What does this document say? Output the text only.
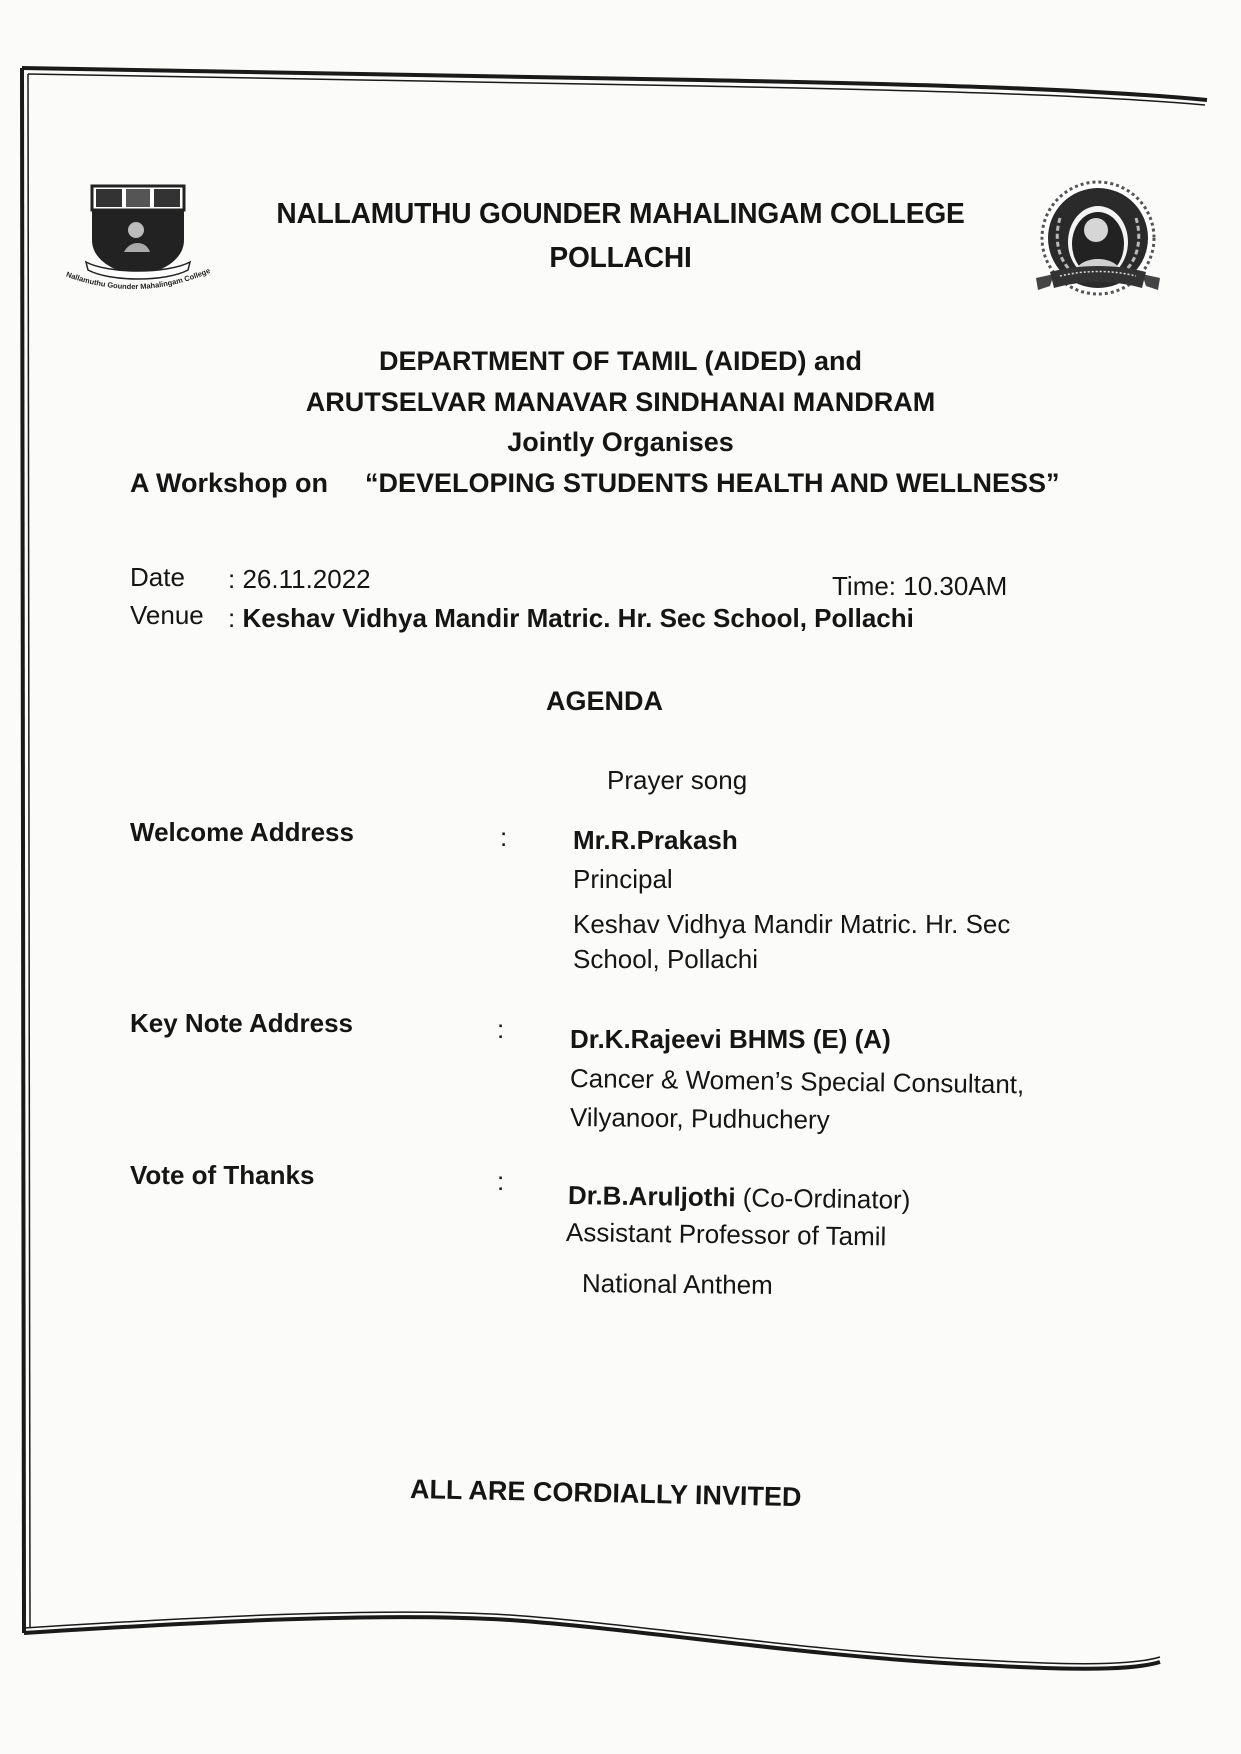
Nallamuthu Gounder Mahalingam College
NALLAMUTHU GOUNDER MAHALINGAM COLLEGE
POLLACHI
DEPARTMENT OF TAMIL (AIDED) and
ARUTSELVAR MANAVAR SINDHANAI MANDRAM
Jointly Organises
A Workshop on “DEVELOPING STUDENTS HEALTH AND WELLNESS”
Date : 26.11.2022	Time: 10.30AM
Venue : Keshav Vidhya Mandir Matric. Hr. Sec School, Pollachi
AGENDA
Prayer song
Welcome Address	:	Mr.R.Prakash
Principal
Keshav Vidhya Mandir Matric. Hr. Sec
School, Pollachi
Key Note Address	:	Dr.K.Rajeevi BHMS (E) (A)
Cancer & Women’s Special Consultant,
Vilyanoor, Pudhuchery
Vote of Thanks	: Dr.B.Aruljothi (Co-Ordinator)
Assistant Professor of Tamil
National Anthem
ALL ARE CORDIALLY INVITED
